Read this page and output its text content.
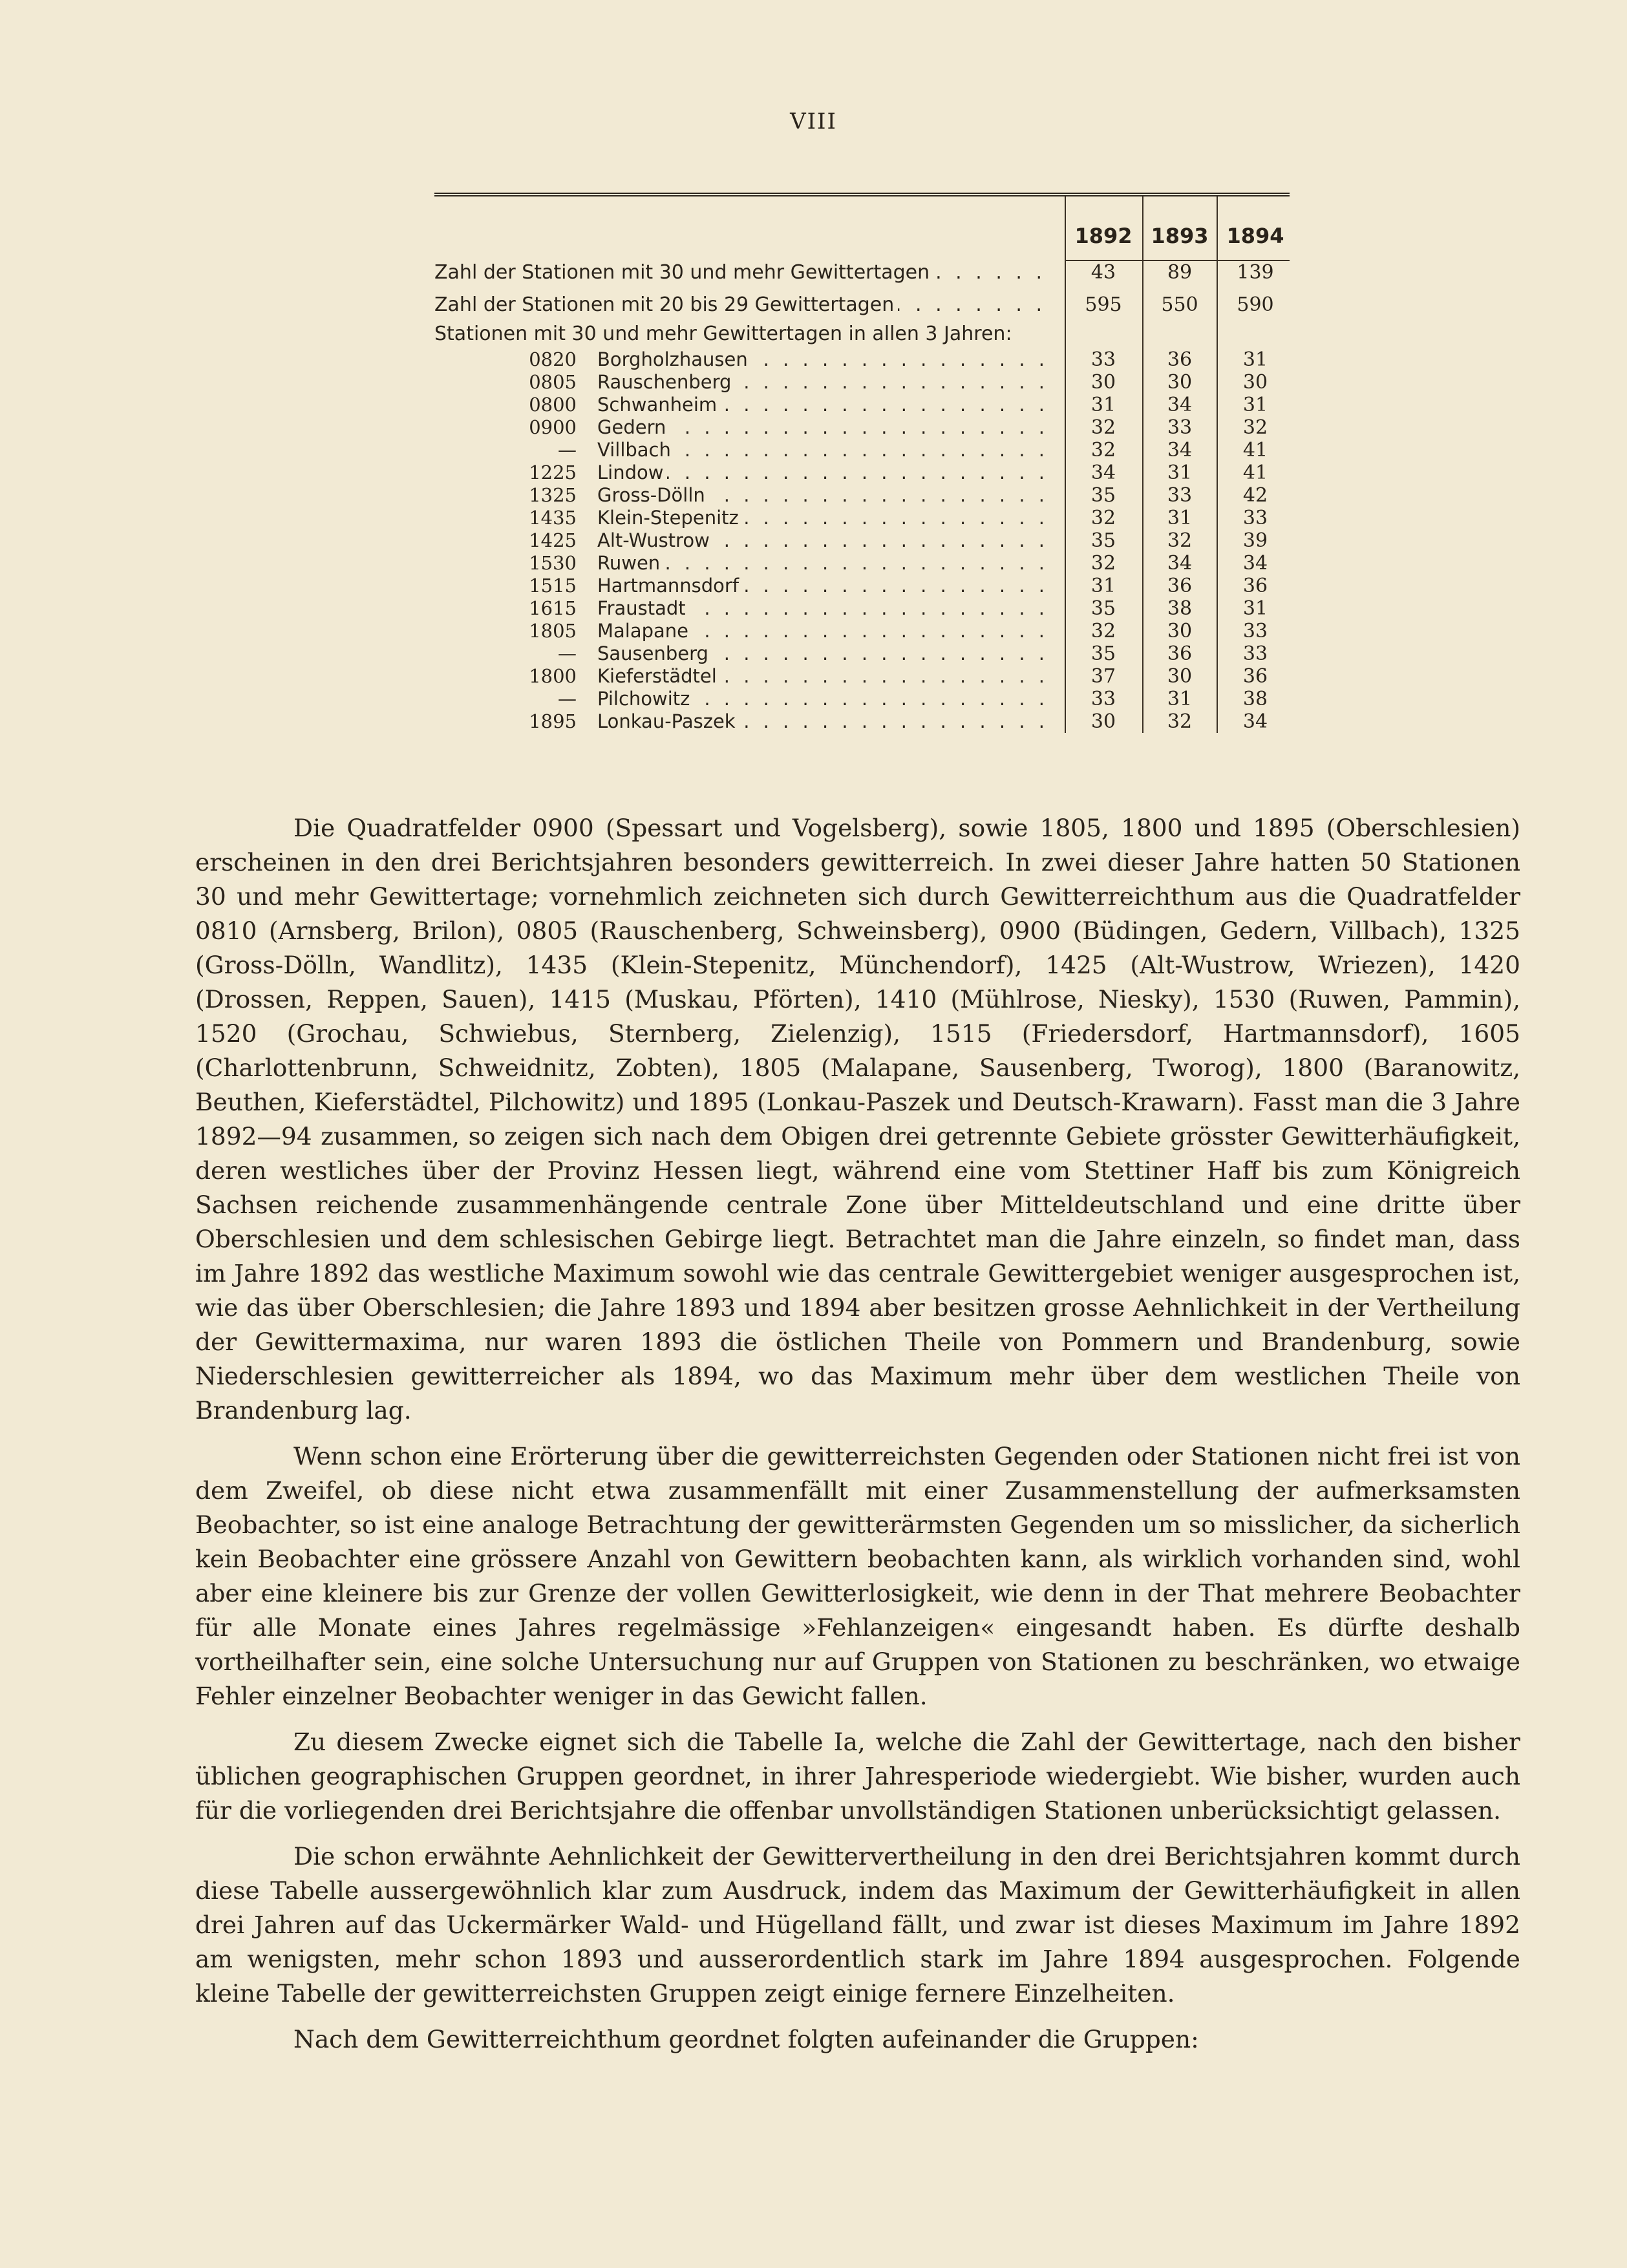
VIII
1892 1893 1894
Zahl der Stationen mit 30 und mehr Gewittertagen	43	89	139
Zahl der Stationen mit 20 bis 29 Gewittertagen	595	550	590
Stationen mit 30 und mehr Gewittertagen in allen 3 Jahren:
0820 Borgholzhausen	33	36	31
0805 Rauschenberg	30	30	30
0800 Schwanheim	31	34	31
0900 Gedern	32	33	32
— Villbach	32	34	41
1225 Lindow	34	31	41
1325 Gross-Dölln	35	33	42
1435 Klein-Stepenitz	32	31	33
1425 Alt-Wustrow	35	32	39
1530 Ruwen	32	34	34
1515 Hartmannsdorf	31	36	36
1615 Fraustadt	35	38	31
1805 Malapane	32	30	33
— Sausenberg	35	36	33
1800 Kieferstädtel	37	30	36
— Pilchowitz	33	31	38
1895 Lonkau-Paszek	30	32	34

Die Quadratfelder 0900 (Spessart und Vogelsberg), sowie 1805, 1800 und 1895 (Oberschlesien) erscheinen in den drei Berichtsjahren besonders gewitterreich. In zwei dieser Jahre hatten 50 Stationen 30 und mehr Gewittertage; vornehmlich zeichneten sich durch Gewitterreichthum aus die Quadratfelder 0810 (Arnsberg, Brilon), 0805 (Rauschenberg, Schweinsberg), 0900 (Büdingen, Gedern, Villbach), 1325 (Gross-Dölln, Wandlitz), 1435 (Klein-Stepenitz, Münchendorf), 1425 (Alt-Wustrow, Wriezen), 1420 (Drossen, Reppen, Sauen), 1415 (Muskau, Pförten), 1410 (Mühlrose, Niesky), 1530 (Ruwen, Pammin), 1520 (Grochau, Schwiebus, Sternberg, Zielenzig), 1515 (Friedersdorf, Hartmannsdorf), 1605 (Charlottenbrunn, Schweidnitz, Zobten), 1805 (Malapane, Sausenberg, Tworog), 1800 (Baranowitz, Beuthen, Kieferstädtel, Pilchowitz) und 1895 (Lonkau-Paszek und Deutsch-Krawarn). Fasst man die 3 Jahre 1892—94 zusammen, so zeigen sich nach dem Obigen drei getrennte Gebiete grösster Gewitterhäufigkeit, deren westliches über der Provinz Hessen liegt, während eine vom Stettiner Haff bis zum Königreich Sachsen reichende zusammenhängende centrale Zone über Mitteldeutschland und eine dritte über Oberschlesien und dem schlesischen Gebirge liegt. Betrachtet man die Jahre einzeln, so findet man, dass im Jahre 1892 das westliche Maximum sowohl wie das centrale Gewittergebiet weniger ausgesprochen ist, wie das über Oberschlesien; die Jahre 1893 und 1894 aber besitzen grosse Aehnlichkeit in der Vertheilung der Gewittermaxima, nur waren 1893 die östlichen Theile von Pommern und Brandenburg, sowie Niederschlesien gewitterreicher als 1894, wo das Maximum mehr über dem westlichen Theile von Brandenburg lag.

Wenn schon eine Erörterung über die gewitterreichsten Gegenden oder Stationen nicht frei ist von dem Zweifel, ob diese nicht etwa zusammenfällt mit einer Zusammenstellung der aufmerksamsten Beobachter, so ist eine analoge Betrachtung der gewitterärmsten Gegenden um so misslicher, da sicherlich kein Beobachter eine grössere Anzahl von Gewittern beobachten kann, als wirklich vorhanden sind, wohl aber eine kleinere bis zur Grenze der vollen Gewitterlosigkeit, wie denn in der That mehrere Beobachter für alle Monate eines Jahres regelmässige »Fehlanzeigen« eingesandt haben. Es dürfte deshalb vortheilhafter sein, eine solche Untersuchung nur auf Gruppen von Stationen zu beschränken, wo etwaige Fehler einzelner Beobachter weniger in das Gewicht fallen.

Zu diesem Zwecke eignet sich die Tabelle Ia, welche die Zahl der Gewittertage, nach den bisher üblichen geographischen Gruppen geordnet, in ihrer Jahresperiode wiedergiebt. Wie bisher, wurden auch für die vorliegenden drei Berichtsjahre die offenbar unvollständigen Stationen unberücksichtigt gelassen.

Die schon erwähnte Aehnlichkeit der Gewittervertheilung in den drei Berichtsjahren kommt durch diese Tabelle aussergewöhnlich klar zum Ausdruck, indem das Maximum der Gewitterhäufigkeit in allen drei Jahren auf das Uckermärker Wald- und Hügelland fällt, und zwar ist dieses Maximum im Jahre 1892 am wenigsten, mehr schon 1893 und ausserordentlich stark im Jahre 1894 ausgesprochen. Folgende kleine Tabelle der gewitterreichsten Gruppen zeigt einige fernere Einzelheiten.

Nach dem Gewitterreichthum geordnet folgten aufeinander die Gruppen:
